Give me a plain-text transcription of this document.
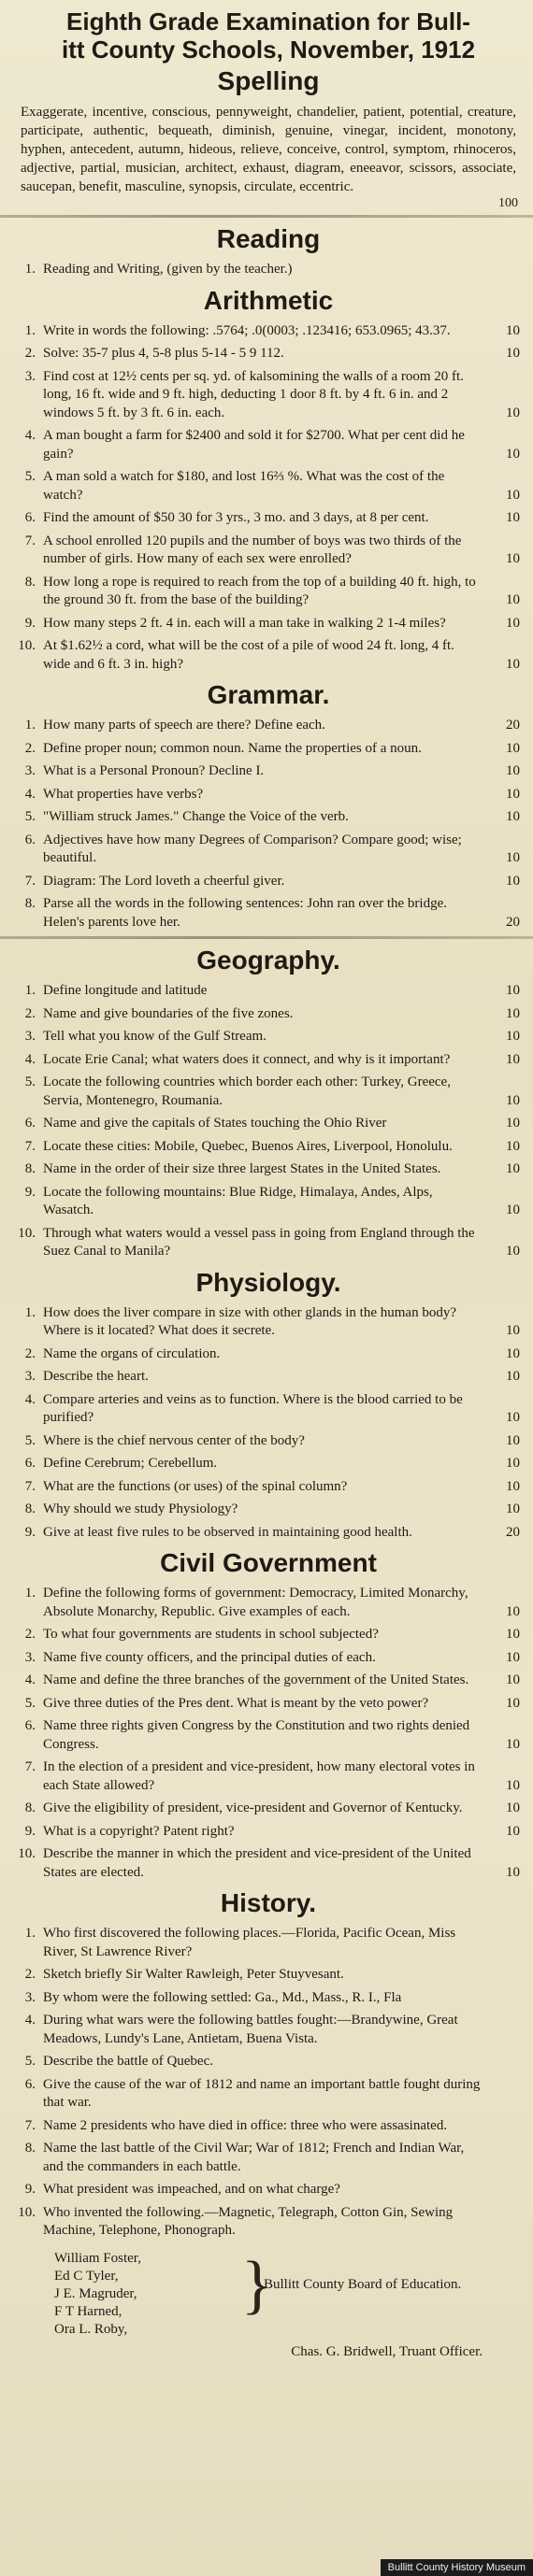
Eighth Grade Examination for Bull-
itt County Schools, November, 1912
Spelling
Exaggerate, incentive, conscious, pennyweight, chandelier, patient, potential, creature, participate, authentic, bequeath, diminish, genuine, vinegar, incident, monotony, hyphen, antecedent, autumn, hideous, relieve, conceive, control, symptom, rhinoceros, adjective, partial, musician, architect, exhaust, diagram, eneeavor, scissors, associate, saucepan, benefit, masculine, synopsis, circulate, eccentric.
100
Reading
1. Reading and Writing, (given by the teacher.)
Arithmetic
1. Write in words the following: .5764; .0(0003; .123416; 653.0965; 43.37.	10
2. Solve: 35-7 plus 4, 5-8 plus 5-14 - 5 9 112.	10
3. Find cost at 12½ cents per sq. yd. of kalsomining the walls of a room 20 ft. long, 16 ft. wide and 9 ft. high, deducting 1 door 8 ft. by 4 ft. 6 in. and 2 windows 5 ft. by 3 ft. 6 in. each.	10
4. A man bought a farm for $2400 and sold it for $2700. What per cent did he gain?	10
5. A man sold a watch for $180, and lost 16⅔ %. What was the cost of the watch?	10
6. Find the amount of $50 30 for 3 yrs., 3 mo. and 3 days, at 8 per cent.	10
7. A school enrolled 120 pupils and the number of boys was two thirds of the number of girls. How many of each sex were enrolled?	10
8. How long a rope is required to reach from the top of a building 40 ft. high, to the ground 30 ft. from the base of the building?	10
9. How many steps 2 ft. 4 in. each will a man take in walking 2 1-4 miles?	10
10. At $1.62½ a cord, what will be the cost of a pile of wood 24 ft. long, 4 ft. wide and 6 ft. 3 in. high?	10
Grammar.
1. How many parts of speech are there? Define each.	20
2. Define proper noun; common noun. Name the properties of a noun.	10
3. What is a Personal Pronoun? Decline I.	10
4. What properties have verbs?	10
5. "William struck James." Change the Voice of the verb.	10
6. Adjectives have how many Degrees of Comparison? Compare good; wise; beautiful.	10
7. Diagram: The Lord loveth a cheerful giver.	10
8. Parse all the words in the following sentences: John ran over the bridge. Helen's parents love her.	20
Geography.
1. Define longitude and latitude	10
2. Name and give boundaries of the five zones.	10
3. Tell what you know of the Gulf Stream.	10
4. Locate Erie Canal; what waters does it connect, and why is it important?	10
5. Locate the following countries which border each other: Turkey, Greece, Servia, Montenegro, Roumania.	10
6. Name and give the capitals of States touching the Ohio River	10
7. Locate these cities: Mobile, Quebec, Buenos Aires, Liverpool, Honolulu.	10
8. Name in the order of their size three largest States in the United States.	10
9. Locate the following mountains: Blue Ridge, Himalaya, Andes, Alps, Wasatch.	10
10. Through what waters would a vessel pass in going from England through the Suez Canal to Manila?	10
Physiology.
1. How does the liver compare in size with other glands in the human body? Where is it located? What does it secrete.	10
2. Name the organs of circulation.	10
3. Describe the heart.	10
4. Compare arteries and veins as to function. Where is the blood carried to be purified?	10
5. Where is the chief nervous center of the body?	10
6. Define Cerebrum; Cerebellum.	10
7. What are the functions (or uses) of the spinal column?	10
8. Why should we study Physiology?	10
9. Give at least five rules to be observed in maintaining good health.	20
Civil Government
1. Define the following forms of government: Democracy, Limited Monarchy, Absolute Monarchy, Republic. Give examples of each.	10
2. To what four governments are students in school subjected?	10
3. Name five county officers, and the principal duties of each.	10
4. Name and define the three branches of the government of the United States.	10
5. Give three duties of the Pres dent. What is meant by the veto power?	10
6. Name three rights given Congress by the Constitution and two rights denied Congress.	10
7. In the election of a president and vice-president, how many electoral votes in each State allowed?	10
8. Give the eligibility of president, vice-president and Governor of Kentucky.	10
9. What is a copyright? Patent right?	10
10. Describe the manner in which the president and vice-president of the United States are elected.	10
History.
1. Who first discovered the following places.—Florida, Pacific Ocean, Miss River, St Lawrence River?
2. Sketch briefly Sir Walter Rawleigh, Peter Stuyvesant.
3. By whom were the following settled: Ga., Md., Mass., R. I., Fla
4. During what wars were the following battles fought:—Brandywine, Great Meadows, Lundy's Lane, Antietam, Buena Vista.
5. Describe the battle of Quebec.
6. Give the cause of the war of 1812 and name an important battle fought during that war.
7. Name 2 presidents who have died in office: three who were assasinated.
8. Name the last battle of the Civil War; War of 1812; French and Indian War, and the commanders in each battle.
9. What president was impeached, and on what charge?
10. Who invented the following.—Magnetic, Telegraph, Cotton Gin, Sewing Machine, Telephone, Phonograph.
William Foster,
Ed C Tyler,
J E. Magruder,
F T Harned,
Ora L. Roby,
}
Bullitt County Board of Education.
Chas. G. Bridwell, Truant Officer.
Bullitt County History Museum
